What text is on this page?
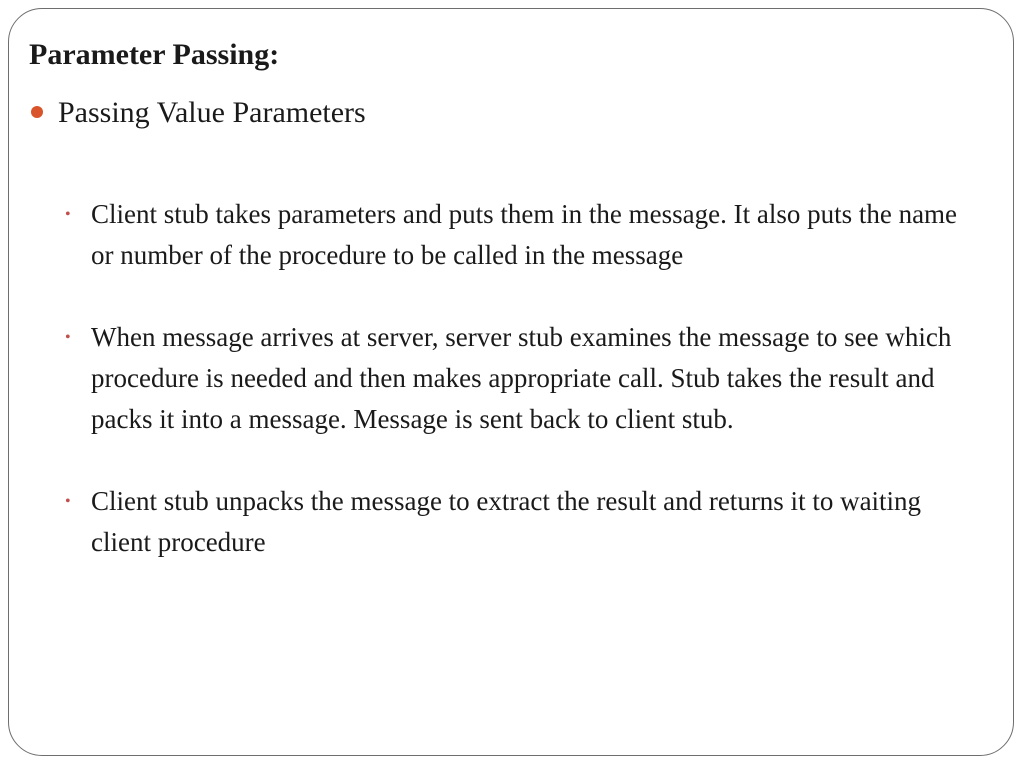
Parameter Passing:
Passing Value Parameters
• Client stub takes parameters and puts them in the message. It also puts the name or number of the procedure to be called in the message
• When message arrives at server, server stub examines the message to see which procedure is needed and then makes appropriate call. Stub takes the result and packs it into a message. Message is sent back to client stub.
• Client stub unpacks the message to extract the result and returns it to waiting client procedure
